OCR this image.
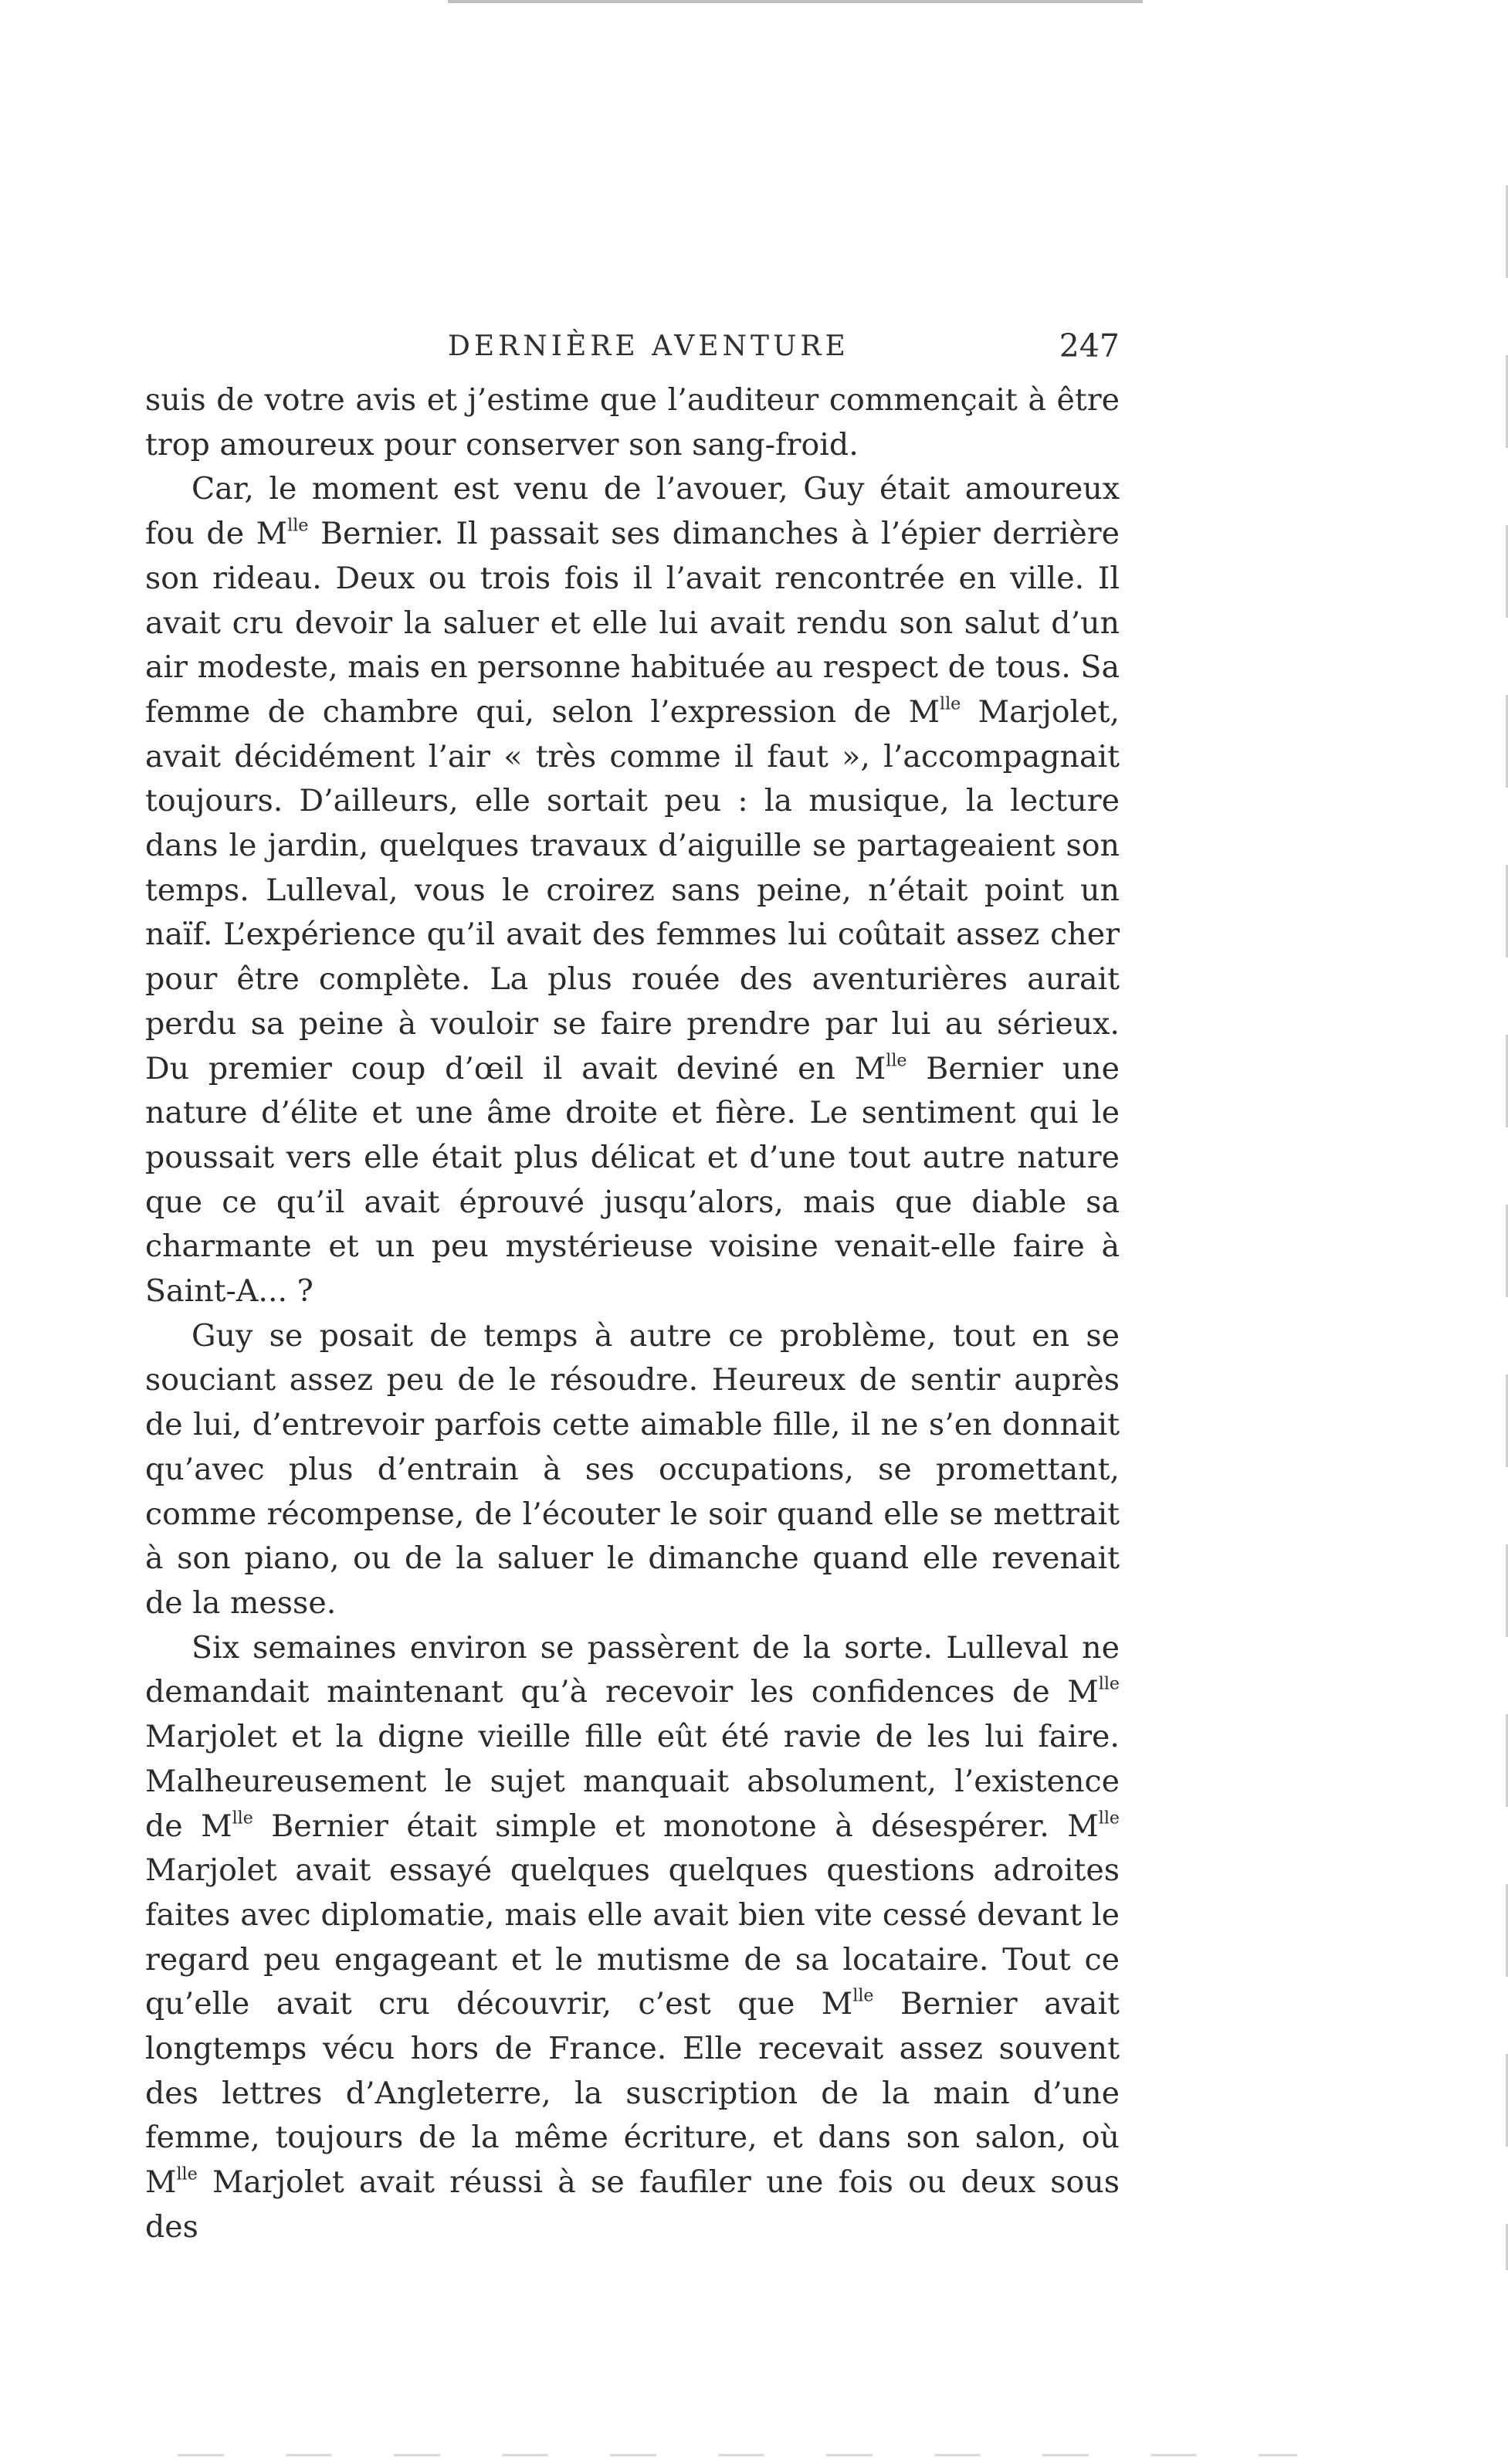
DERNIÈRE AVENTURE	247

suis de votre avis et j’estime que l’auditeur commençait à être trop amoureux pour conserver son sang-froid.

Car, le moment est venu de l’avouer, Guy était amoureux fou de $M^{lle}$ Bernier. Il passait ses dimanches à l’épier derrière son rideau. Deux ou trois fois il l’avait rencontrée en ville. Il avait cru devoir la saluer et elle lui avait rendu son salut d’un air modeste, mais en personne habituée au respect de tous. Sa femme de chambre qui, selon l’expression de $M^{lle}$ Marjolet, avait décidément l’air « très comme il faut », l’accompagnait toujours. D’ailleurs, elle sortait peu : la musique, la lecture dans le jardin, quelques travaux d’aiguille se partageaient son temps. Lulleval, vous le croirez sans peine, n’était point un naïf. L’expérience qu’il avait des femmes lui coûtait assez cher pour être complète. La plus rouée des aventurières aurait perdu sa peine à vouloir se faire prendre par lui au sérieux. Du premier coup d’œil il avait deviné en $M^{lle}$ Bernier une nature d’élite et une âme droite et fière. Le sentiment qui le poussait vers elle était plus délicat et d’une tout autre nature que ce qu’il avait éprouvé jusqu’alors, mais que diable sa charmante et un peu mystérieuse voisine venait-elle faire à Saint-A... ?

Guy se posait de temps à autre ce problème, tout en se souciant assez peu de le résoudre. Heureux de sentir auprès de lui, d’entrevoir parfois cette aimable fille, il ne s’en donnait qu’avec plus d’entrain à ses occupations, se promettant, comme récompense, de l’écouter le soir quand elle se mettrait à son piano, ou de la saluer le dimanche quand elle revenait de la messe.

Six semaines environ se passèrent de la sorte. Lulleval ne demandait maintenant qu’à recevoir les confidences de $M^{lle}$ Marjolet et la digne vieille fille eût été ravie de les lui faire. Malheureusement le sujet manquait absolument, l’existence de $M^{lle}$ Bernier était simple et monotone à désespérer. $M^{lle}$ Marjolet avait essayé quelques quelques questions adroites faites avec diplomatie, mais elle avait bien vite cessé devant le regard peu engageant et le mutisme de sa locataire. Tout ce qu’elle avait cru découvrir, c’est que $M^{lle}$ Bernier avait longtemps vécu hors de France. Elle recevait assez souvent des lettres d’Angleterre, la suscription de la main d’une femme, toujours de la même écriture, et dans son salon, où $M^{lle}$ Marjolet avait réussi à se faufiler une fois ou deux sous des
